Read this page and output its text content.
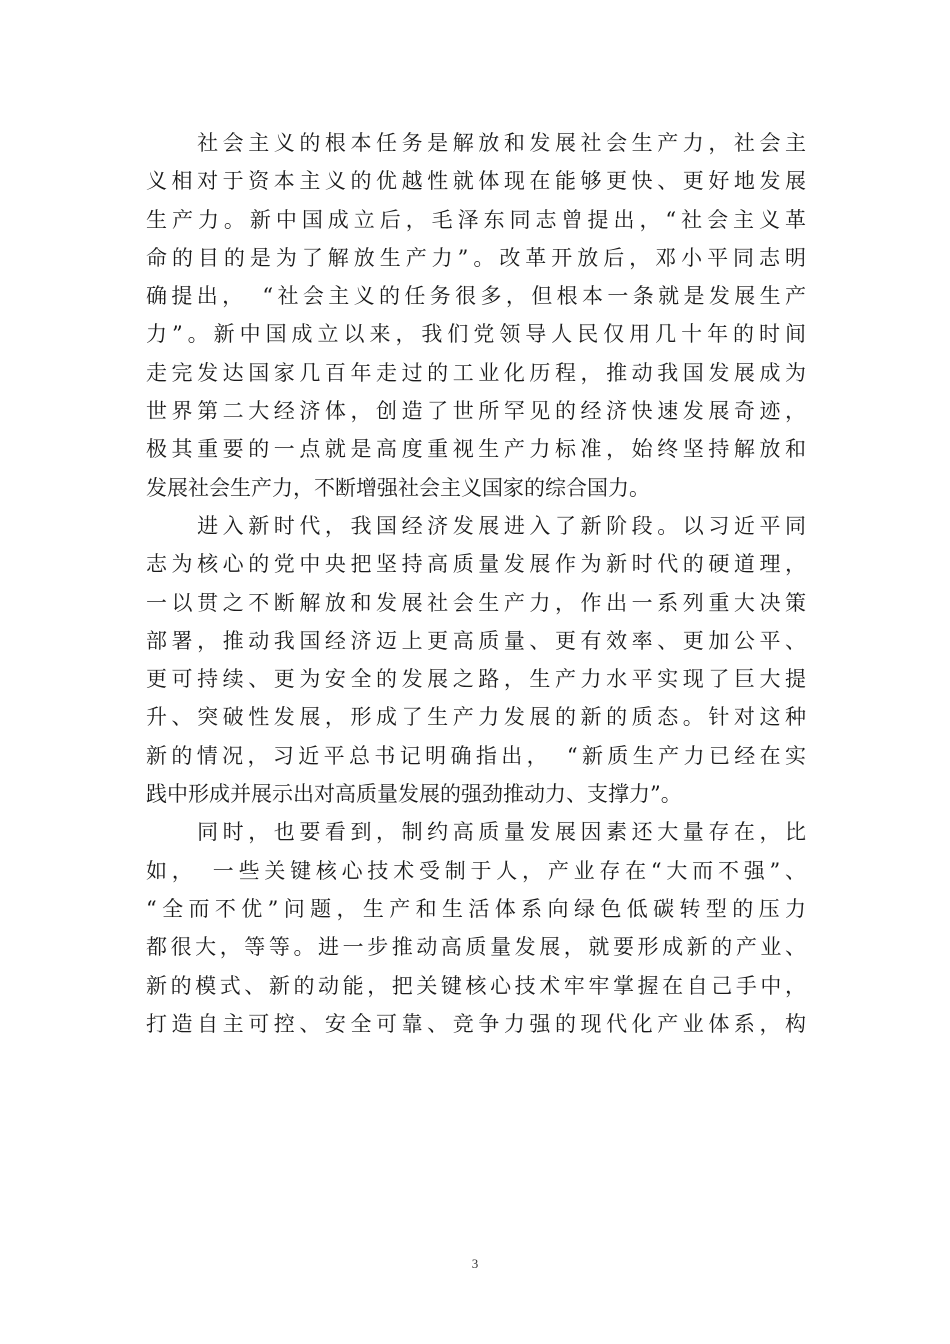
　　社会主义的根本任务是解放和发展社会生产力，社会主
义相对于资本主义的优越性就体现在能够更快、更好地发展
生产力。新中国成立后，毛泽东同志曾提出，“社会主义革
命的目的是为了解放生产力”。改革开放后，邓小平同志明
确提出，　“社会主义的任务很多，但根本一条就是发展生产
力”。新中国成立以来，我们党领导人民仅用几十年的时间
走完发达国家几百年走过的工业化历程，推动我国发展成为
世界第二大经济体，创造了世所罕见的经济快速发展奇迹，
极其重要的一点就是高度重视生产力标准，始终坚持解放和
发展社会生产力，不断增强社会主义国家的综合国力。
　　进入新时代，我国经济发展进入了新阶段。以习近平同
志为核心的党中央把坚持高质量发展作为新时代的硬道理，
一以贯之不断解放和发展社会生产力，作出一系列重大决策
部署，推动我国经济迈上更高质量、更有效率、更加公平、
更可持续、更为安全的发展之路，生产力水平实现了巨大提
升、突破性发展，形成了生产力发展的新的质态。针对这种
新的情况，习近平总书记明确指出，　“新质生产力已经在实
践中形成并展示出对高质量发展的强劲推动力、支撑力”。
　　同时，也要看到，制约高质量发展因素还大量存在，比
如，　一些关键核心技术受制于人，产业存在“大而不强”、
“全而不优”问题，生产和生活体系向绿色低碳转型的压力
都很大，等等。进一步推动高质量发展，就要形成新的产业、
新的模式、新的动能，把关键核心技术牢牢掌握在自己手中，
打造自主可控、安全可靠、竞争力强的现代化产业体系，构
3
